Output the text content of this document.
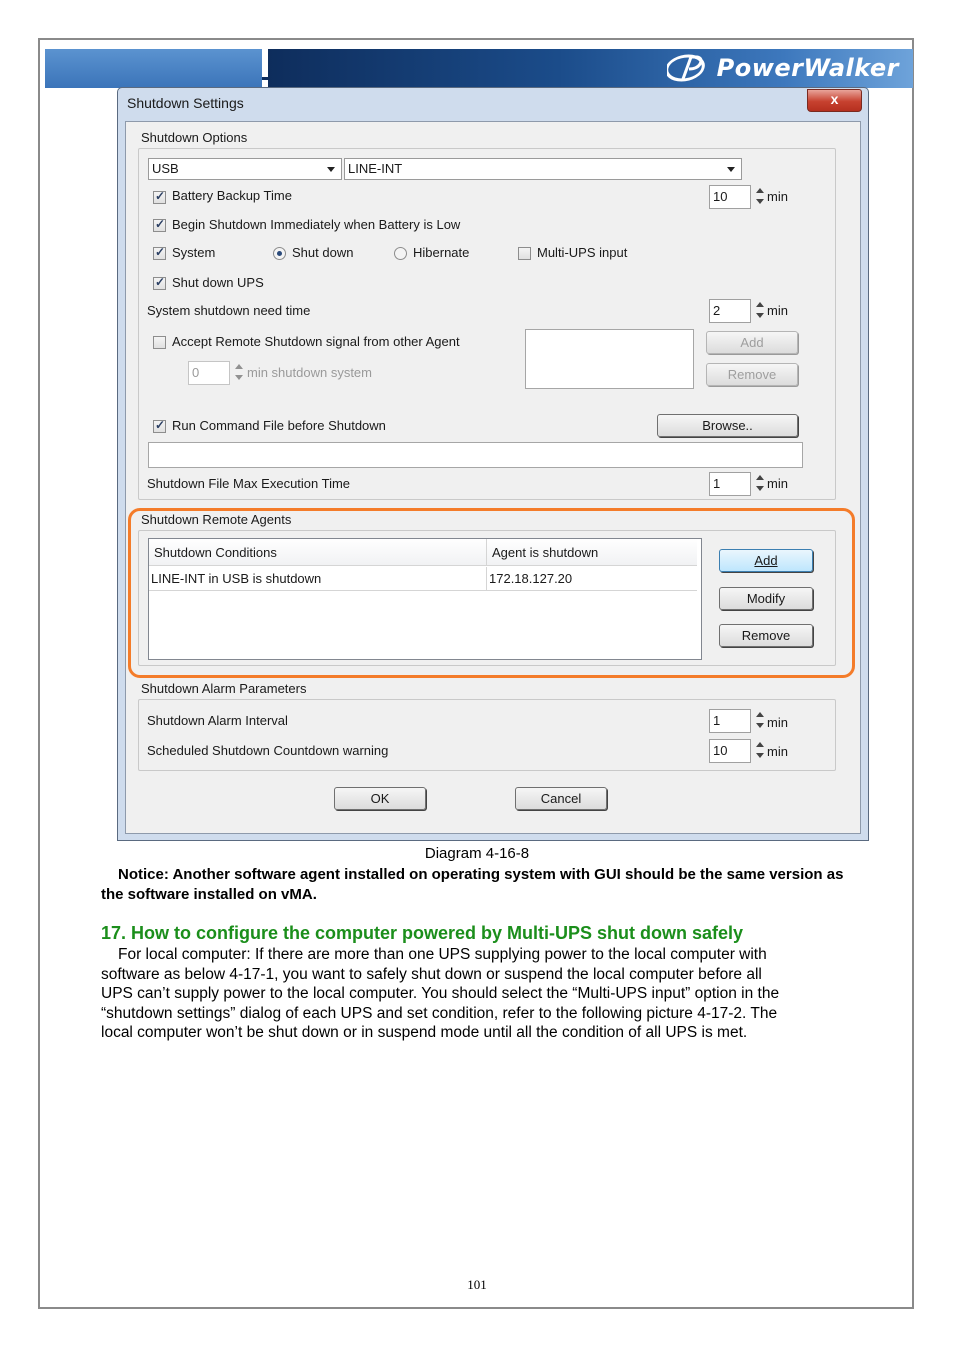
PowerWalker
Shutdown Settings	x
Shutdown Options
USB	LINE-INT
✓
Battery Backup Time	10	min
✓
Begin Shutdown Immediately when Battery is Low
✓
System	Shut down	Hibernate	Multi-UPS input
✓
Shut down UPS
System shutdown need time	2	min
Accept Remote Shutdown signal from other Agent	Add
Remove
0	min shutdown system
✓
Run Command File before Shutdown	Browse..
Shutdown File Max Execution Time	1	min
Shutdown Remote Agents
Shutdown Conditions	Agent is shutdown
LINE-INT in USB is shutdown	172.18.127.20
Add
Modify
Remove
Shutdown Alarm Parameters
Shutdown Alarm Interval	1	min
Scheduled Shutdown Countdown warning	10	min
OK	Cancel
Diagram 4-16-8
Notice: Another software agent installed on operating system with GUI should be the same version as the software installed on vMA.
17. How to configure the computer powered by Multi-UPS shut down safely
For local computer: If there are more than one UPS supplying power to the local computer with
software as below 4-17-1, you want to safely shut down or suspend the local computer before all
UPS can’t supply power to the local computer. You should select the “Multi-UPS input” option in the
“shutdown settings” dialog of each UPS and set condition, refer to the following picture 4-17-2. The
local computer won’t be shut down or in suspend mode until all the condition of all UPS is met.
101
